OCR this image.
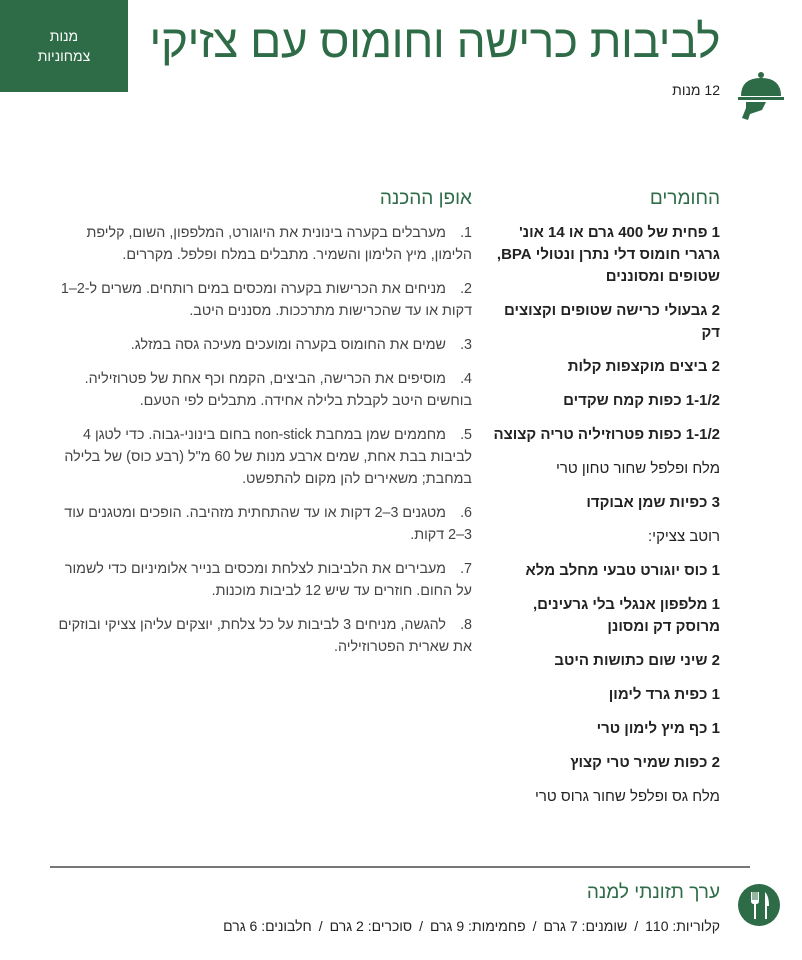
מנות
צמחוניות	לביבות כרישה וחומוס עם צזיקי
12 מנות
החומרים
1 פחית של 400 גרם או 14 אונ' גרגרי חומוס דלי נתרן ונטולי BPA, שטופים ומסוננים
2 גבעולי כרישה שטופים וקצוצים דק
2 ביצים מוקצפות קלות
1-1/2 כפות קמח שקדים
1-1/2 כפות פטרוזיליה טריה קצוצה
מלח ופלפל שחור טחון טרי
3 כפיות שמן אבוקדו
רוטב צציקי:
1 כוס יוגורט טבעי מחלב מלא
1 מלפפון אנגלי בלי גרעינים, מרוסק דק ומסונן
2 שיני שום כתושות היטב
1 כפית גרד לימון
1 כף מיץ לימון טרי
2 כפות שמיר טרי קצוץ
מלח גס ופלפל שחור גרוס טרי
אופן ההכנה
1.מערבלים בקערה בינונית את היוגורט, המלפפון, השום, קליפת הלימון, מיץ הלימון והשמיר. מתבלים במלח ופלפל. מקררים.
2.מניחים את הכרישות בקערה ומכסים במים רותחים. משרים ל-2–1 דקות או עד שהכרישות מתרככות. מסננים היטב.
3.שמים את החומוס בקערה ומועכים מעיכה גסה במזלג.
4.מוסיפים את הכרישה, הביצים, הקמח וכף אחת של פטרוזיליה. בוחשים היטב לקבלת בלילה אחידה. מתבלים לפי הטעם.
5.מחממים שמן במחבת non-stick בחום בינוני-גבוה. כדי לטגן 4 לביבות בבת אחת, שמים ארבע מנות של 60 מ"ל (רבע כוס) של בלילה במחבת; משאירים להן מקום להתפשט.
6.מטגנים 3–2 דקות או עד שהתחתית מזהיבה. הופכים ומטגנים עוד 3–2 דקות.
7.מעבירים את הלביבות לצלחת ומכסים בנייר אלומיניום כדי לשמור על החום. חוזרים עד שיש 12 לביבות מוכנות.
8.להגשה, מניחים 3 לביבות על כל צלחת, יוצקים עליהן צציקי ובוזקים את שארית הפטרוזיליה.
ערך תזונתי למנה
קלוריות: 110/שומנים: 7 גרם/פחמימות: 9 גרם/סוכרים: 2 גרם/חלבונים: 6 גרם
